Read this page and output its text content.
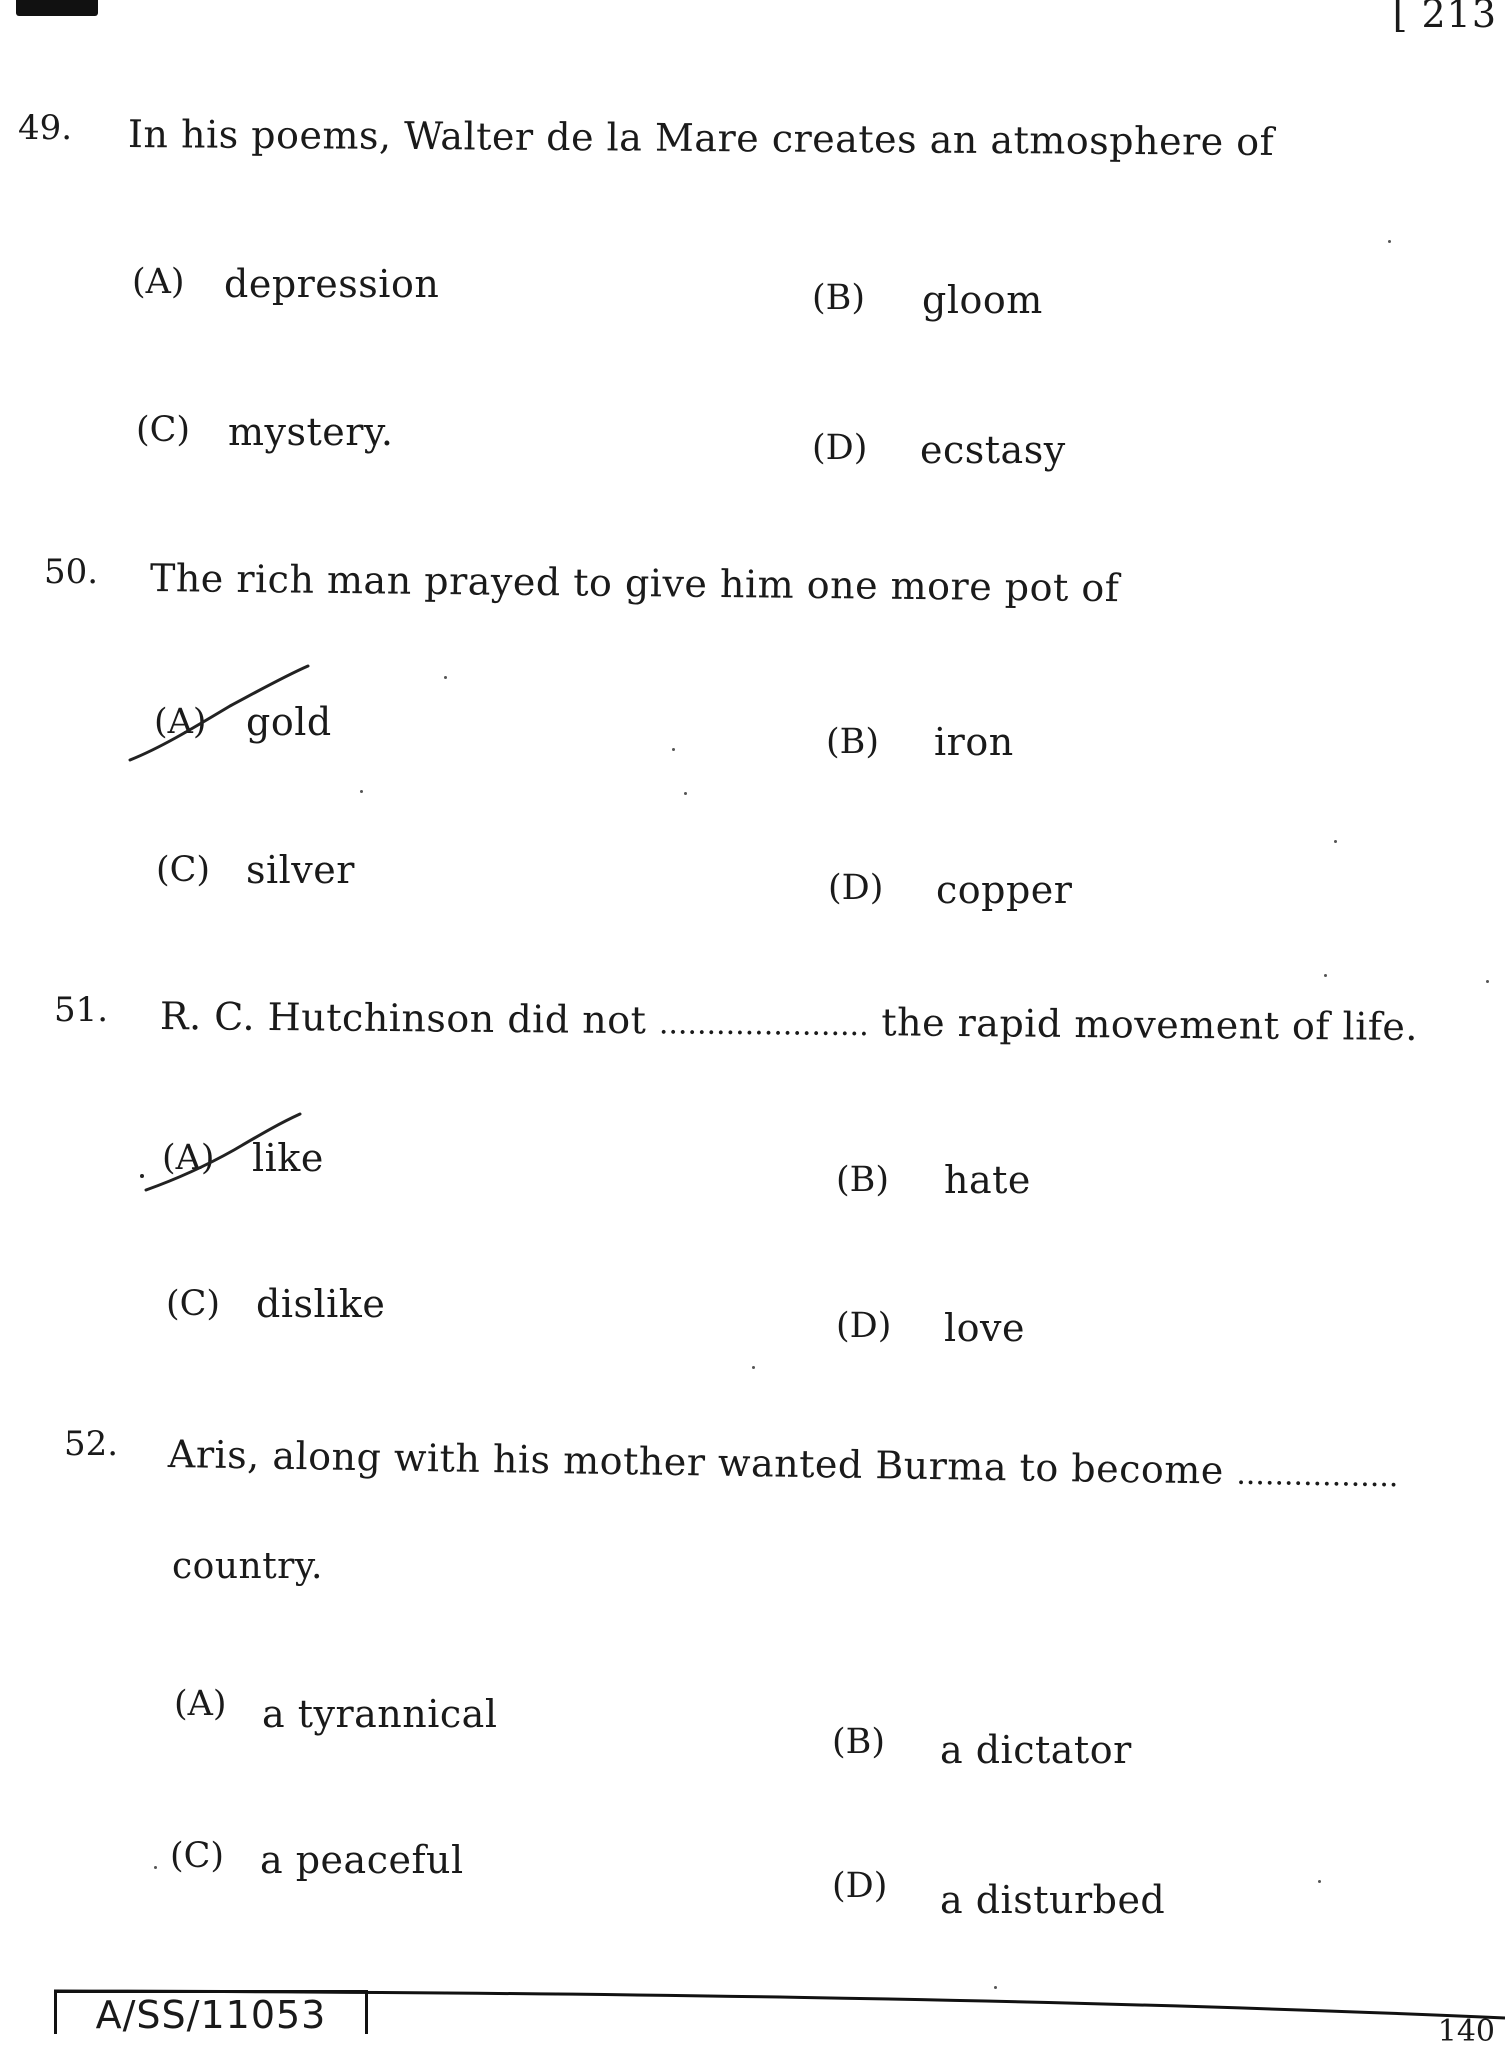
[ 213
49. In his poems, Walter de la Mare creates an atmosphere of
(A) depression	(B) gloom
(C) mystery.	(D) ecstasy
50. The rich man prayed to give him one more pot of
(A) gold	(B) iron
(C) silver	(D) copper
51. R. C. Hutchinson did not ...................... the rapid movement of life.
(A) like	(B) hate
(C) dislike	(D) love
52. Aris, along with his mother wanted Burma to become .................
country.
(A) a tyrannical
(B) a dictator
(C) a peaceful
(D) a disturbed
A/SS/11053	140
